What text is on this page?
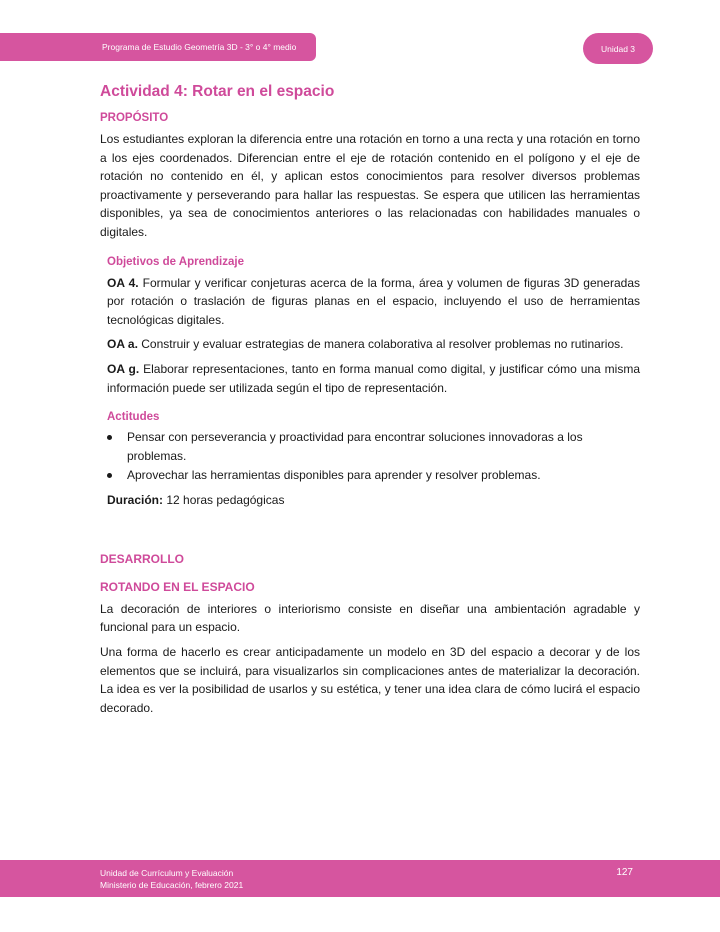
Programa de Estudio Geometría 3D - 3° o 4° medio	Unidad 3
Actividad 4: Rotar en el espacio
PROPÓSITO

Los estudiantes exploran la diferencia entre una rotación en torno a una recta y una rotación en torno a los ejes coordenados. Diferencian entre el eje de rotación contenido en el polígono y el eje de rotación no contenido en él, y aplican estos conocimientos para resolver diversos problemas proactivamente y perseverando para hallar las respuestas. Se espera que utilicen las herramientas disponibles, ya sea de conocimientos anteriores o las relacionadas con habilidades manuales o digitales.

Objetivos de Aprendizaje

OA 4. Formular y verificar conjeturas acerca de la forma, área y volumen de figuras 3D generadas por rotación o traslación de figuras planas en el espacio, incluyendo el uso de herramientas tecnológicas digitales.

OA a. Construir y evaluar estrategias de manera colaborativa al resolver problemas no rutinarios.

OA g. Elaborar representaciones, tanto en forma manual como digital, y justificar cómo una misma información puede ser utilizada según el tipo de representación.

Actitudes
Pensar con perseverancia y proactividad para encontrar soluciones innovadoras a los problemas.
Aprovechar las herramientas disponibles para aprender y resolver problemas.

Duración: 12 horas pedagógicas

DESARROLLO
ROTANDO EN EL ESPACIO

La decoración de interiores o interiorismo consiste en diseñar una ambientación agradable y funcional para un espacio.

Una forma de hacerlo es crear anticipadamente un modelo en 3D del espacio a decorar y de los elementos que se incluirá, para visualizarlos sin complicaciones antes de materializar la decoración. La idea es ver la posibilidad de usarlos y su estética, y tener una idea clara de cómo lucirá el espacio decorado.

Unidad de Currículum y Evaluación
Ministerio de Educación, febrero 2021
127
